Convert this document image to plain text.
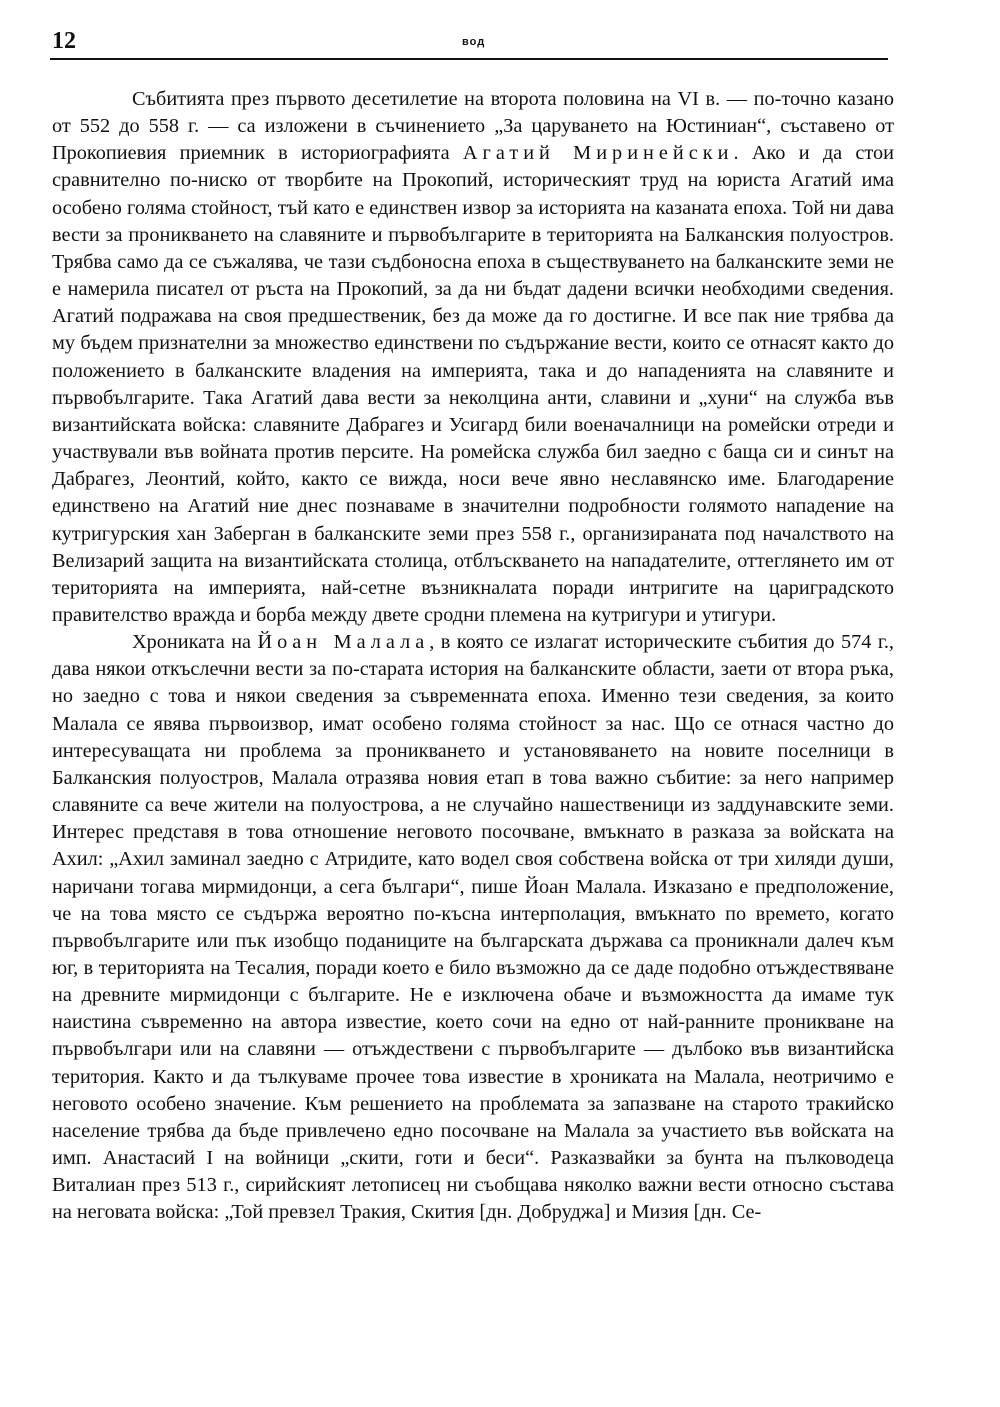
12	вод

Събитията през първото десетилетие на второта половина на VI в. — по-точно казано от 552 до 558 г. — са изложени в съчинението „За царуването на Юстиниан“, съставено от Прокопиевия приемник в историографията Агатий Миринейски. Ако и да стои сравнително по-ниско от творбите на Прокопий, историческият труд на юриста Агатий има особено голяма стойност, тъй като е единствен извор за историята на казаната епоха. Той ни дава вести за проникването на славяните и първобългарите в територията на Балканския полуостров. Трябва само да се съжалява, че тази съдбоносна епоха в съществуването на балканските земи не е намерила писател от ръста на Прокопий, за да ни бъдат дадени всички необходими сведения. Агатий подражава на своя предшественик, без да може да го достигне. И все пак ние трябва да му бъдем признателни за множество единствени по съдържание вести, които се отнасят както до положението в балканските владения на империята, така и до нападенията на славяните и първобългарите. Така Агатий дава вести за неколцина анти, славини и „хуни“ на служба във византийската войска: славяните Дабрагез и Усигард били военачалници на ромейски отреди и участвували във войната против персите. На ромейска служба бил заедно с баща си и синът на Дабрагез, Леонтий, който, както се вижда, носи вече явно неславянско име. Благодарение единствено на Агатий ние днес познаваме в значителни подробности голямото нападение на кутригурския хан Заберган в балканските земи през 558 г., организираната под началството на Велизарий защита на византийската столица, отблъскването на нападателите, оттеглянето им от територията на империята, най-сетне възникналата поради интригите на цариградското правителство вражда и борба между двете сродни племена на кутригури и утигури.

Хрониката на Йоан Малала, в която се излагат историческите събития до 574 г., дава някои откъслечни вести за по-старата история на балканските области, заети от втора ръка, но заедно с това и някои сведения за съвременната епоха. Именно тези сведения, за които Малала се явява първоизвор, имат особено голяма стойност за нас. Що се отнася частно до интересуващата ни проблема за проникването и установяването на новите поселници в Балканския полуостров, Малала отразява новия етап в това важно събитие: за него например славяните са вече жители на полуострова, а не случайно нашественици из заддунавските земи. Интерес представя в това отношение неговото посочване, вмъкнато в разказа за войската на Ахил: „Ахил заминал заедно с Атридите, като водел своя собствена войска от три хиляди души, наричани тогава мирмидонци, а сега българи“, пише Йоан Малала. Изказано е предположение, че на това място се съдържа вероятно по-късна интерполация, вмъкнато по времето, когато първобългарите или пък изобщо поданиците на българската държава са проникнали далеч към юг, в територията на Тесалия, поради което е било възможно да се даде подобно отъждествяване на древните мирмидонци с българите. Не е изключена обаче и възможността да имаме тук наистина съвременно на автора известие, което сочи на едно от най-ранните проникване на първобългари или на славяни — отъждествени с първобългарите — дълбоко във византийска територия. Както и да тълкуваме прочее това известие в хрониката на Малала, неотричимо е неговото особено значение. Към решението на проблемата за запазване на старото тракийско население трябва да бъде привлечено едно посочване на Малала за участието във войската на имп. Анастасий I на войници „скити, готи и беси“. Разказвайки за бунта на пълководеца Виталиан през 513 г., сирийският летописец ни съобщава няколко важни вести относно състава на неговата войска: „Той превзел Тракия, Скития [дн. Добруджа] и Мизия [дн. Се-
